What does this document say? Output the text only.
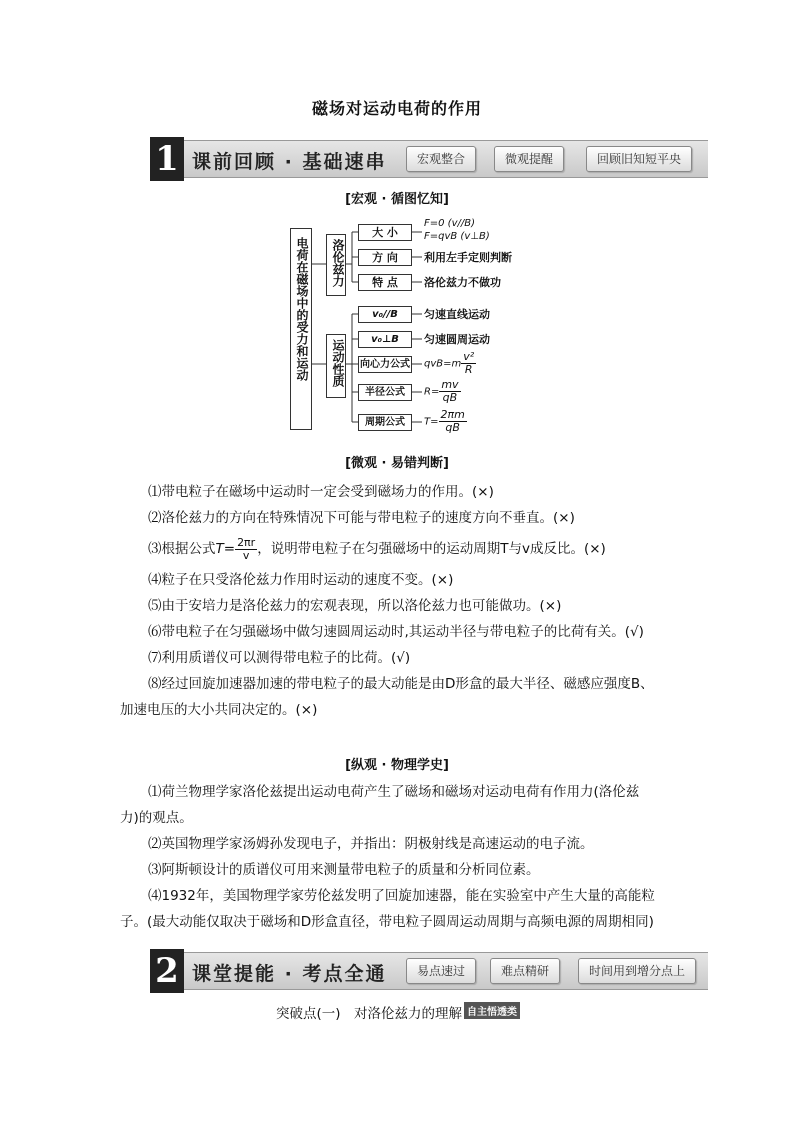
磁场对运动电荷的作用
1 课前回顾 · 基础速串	宏观整合	微观提醒	回顾旧知短平央
[宏观 · 循图忆知]
电荷在磁场中的受力和运动 洛伦兹力
运动性质
大 小
F=0 (v//B)
F=qvB (v⊥B)
方 向	利用左手定则判断
特 点	洛伦兹力不做功
v₀//B	匀速直线运动
v₀⊥B	匀速圆周运动
向心力公式 $qvB=m \frac{\text{v²}}{R}$
半径公式	$R= \frac{mv}{qB}$
周期公式	$T= \frac{2\pi m}{qB}$
[微观 · 易错判断]
⑴带电粒子在磁场中运动时一定会受到磁场力的作用。(×)
⑵洛伦兹力的方向在特殊情况下可能与带电粒子的速度方向不垂直。(×)
⑶根据公式$T= \frac{2\pi r}{v}$ ，说明带电粒子在匀强磁场中的运动周期T与v成反比。(×)
⑷粒子在只受洛伦兹力作用时运动的速度不变。(×)
⑸由于安培力是洛伦兹力的宏观表现，所以洛伦兹力也可能做功。(×)
⑹带电粒子在匀强磁场中做匀速圆周运动时,其运动半径与带电粒子的比荷有关。(√)
⑺利用质谱仪可以测得带电粒子的比荷。(√)
⑻经过回旋加速器加速的带电粒子的最大动能是由D形盒的最大半径、磁感应强度B、
加速电压的大小共同决定的。(×)
[纵观 · 物理学史]
⑴荷兰物理学家洛伦兹提出运动电荷产生了磁场和磁场对运动电荷有作用力(洛伦兹
力)的观点。
⑵英国物理学家汤姆孙发现电子，并指出：阴极射线是高速运动的电子流。
⑶阿斯顿设计的质谱仪可用来测量带电粒子的质量和分析同位素。
⑷1932年，美国物理学家劳伦兹发明了回旋加速器，能在实验室中产生大量的高能粒
子。(最大动能仅取决于磁场和D形盒直径，带电粒子圆周运动周期与高频电源的周期相同)
2 课堂提能 · 考点全通	易点速过	难点精研	时间用到增分点上
突破点(一)　对洛伦兹力的理解 自主悟透类
